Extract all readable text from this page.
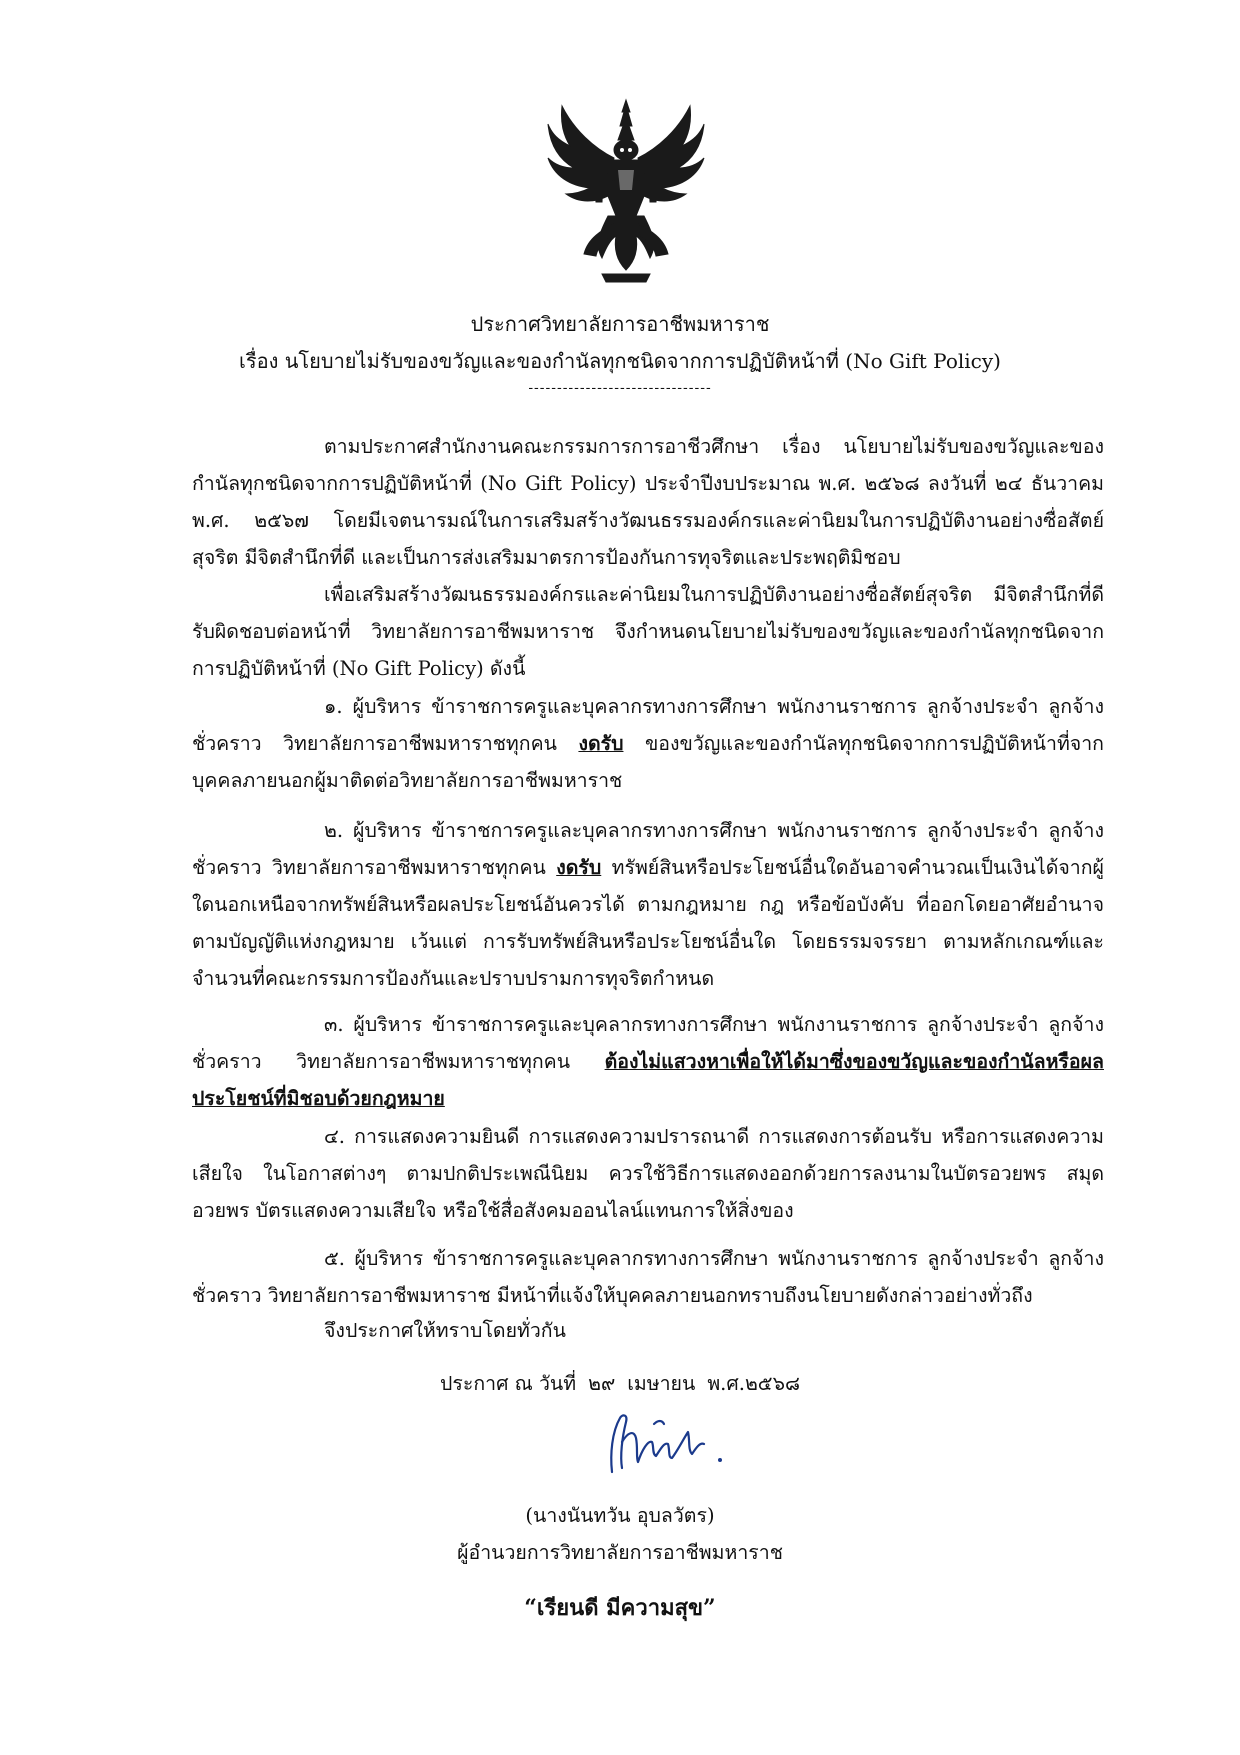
ประกาศวิทยาลัยการอาชีพมหาราช
เรื่อง นโยบายไม่รับของขวัญและของกำนัลทุกชนิดจากการปฏิบัติหน้าที่ (No Gift Policy)
--------------------------------

ตามประกาศสำนักงานคณะกรรมการการอาชีวศึกษา เรื่อง นโยบายไม่รับของขวัญและของกำนัลทุกชนิดจากการปฏิบัติหน้าที่ (No Gift Policy) ประจำปีงบประมาณ พ.ศ. ๒๕๖๘ ลงวันที่ ๒๔ ธันวาคม พ.ศ. ๒๕๖๗ โดยมีเจตนารมณ์ในการเสริมสร้างวัฒนธรรมองค์กรและค่านิยมในการปฏิบัติงานอย่างซื่อสัตย์สุจริต มีจิตสำนึกที่ดี และเป็นการส่งเสริมมาตรการป้องกันการทุจริตและประพฤติมิชอบ

เพื่อเสริมสร้างวัฒนธรรมองค์กรและค่านิยมในการปฏิบัติงานอย่างซื่อสัตย์สุจริต มีจิตสำนึกที่ดี รับผิดชอบต่อหน้าที่ วิทยาลัยการอาชีพมหาราช จึงกำหนดนโยบายไม่รับของขวัญและของกำนัลทุกชนิดจากการปฏิบัติหน้าที่ (No Gift Policy) ดังนี้

๑. ผู้บริหาร ข้าราชการครูและบุคลากรทางการศึกษา พนักงานราชการ ลูกจ้างประจำ ลูกจ้างชั่วคราว วิทยาลัยการอาชีพมหาราชทุกคน งดรับ ของขวัญและของกำนัลทุกชนิดจากการปฏิบัติหน้าที่จากบุคคลภายนอกผู้มาติดต่อวิทยาลัยการอาชีพมหาราช

๒. ผู้บริหาร ข้าราชการครูและบุคลากรทางการศึกษา พนักงานราชการ ลูกจ้างประจำ ลูกจ้างชั่วคราว วิทยาลัยการอาชีพมหาราชทุกคน งดรับ ทรัพย์สินหรือประโยชน์อื่นใดอันอาจคำนวณเป็นเงินได้จากผู้ใดนอกเหนือจากทรัพย์สินหรือผลประโยชน์อันควรได้ ตามกฎหมาย กฎ หรือข้อบังคับ ที่ออกโดยอาศัยอำนาจตามบัญญัติแห่งกฎหมาย เว้นแต่ การรับทรัพย์สินหรือประโยชน์อื่นใด โดยธรรมจรรยา ตามหลักเกณฑ์และจำนวนที่คณะกรรมการป้องกันและปราบปรามการทุจริตกำหนด

๓. ผู้บริหาร ข้าราชการครูและบุคลากรทางการศึกษา พนักงานราชการ ลูกจ้างประจำ ลูกจ้างชั่วคราว วิทยาลัยการอาชีพมหาราชทุกคน ต้องไม่แสวงหาเพื่อให้ได้มาซึ่งของขวัญและของกำนัลหรือผลประโยชน์ที่มิชอบด้วยกฎหมาย

๔. การแสดงความยินดี การแสดงความปรารถนาดี การแสดงการต้อนรับ หรือการแสดงความเสียใจ ในโอกาสต่างๆ ตามปกติประเพณีนิยม ควรใช้วิธีการแสดงออกด้วยการลงนามในบัตรอวยพร สมุดอวยพร บัตรแสดงความเสียใจ หรือใช้สื่อสังคมออนไลน์แทนการให้สิ่งของ

๕. ผู้บริหาร ข้าราชการครูและบุคลากรทางการศึกษา พนักงานราชการ ลูกจ้างประจำ ลูกจ้างชั่วคราว วิทยาลัยการอาชีพมหาราช มีหน้าที่แจ้งให้บุคคลภายนอกทราบถึงนโยบายดังกล่าวอย่างทั่วถึง

จึงประกาศให้ทราบโดยทั่วกัน
ประกาศ ณ วันที่ ๒๙ เมษายน พ.ศ.๒๕๖๘
(นางนันทวัน อุบลวัตร)
ผู้อำนวยการวิทยาลัยการอาชีพมหาราช
“เรียนดี มีความสุข”
